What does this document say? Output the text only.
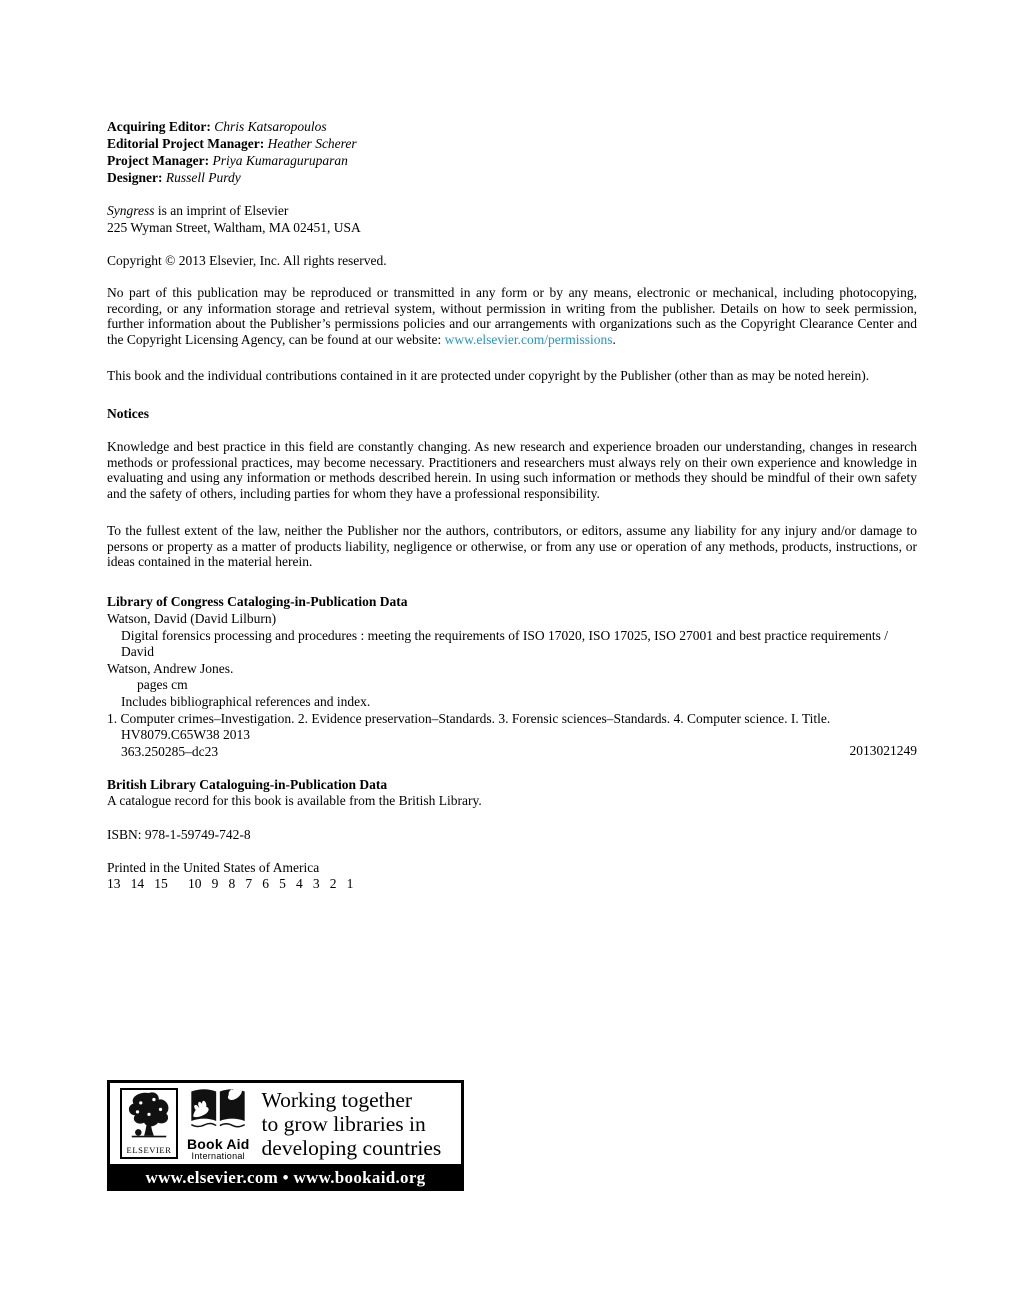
Acquiring Editor: Chris Katsaropoulos
Editorial Project Manager: Heather Scherer
Project Manager: Priya Kumaraguruparan
Designer: Russell Purdy
Syngress is an imprint of Elsevier
225 Wyman Street, Waltham, MA 02451, USA
Copyright © 2013 Elsevier, Inc. All rights reserved.
No part of this publication may be reproduced or transmitted in any form or by any means, electronic or mechanical, including photocopying, recording, or any information storage and retrieval system, without permission in writing from the publisher. Details on how to seek permission, further information about the Publisher’s permissions policies and our arrangements with organizations such as the Copyright Clearance Center and the Copyright Licensing Agency, can be found at our website: www.elsevier.com/permissions.
This book and the individual contributions contained in it are protected under copyright by the Publisher (other than as may be noted herein).
Notices
Knowledge and best practice in this field are constantly changing. As new research and experience broaden our understanding, changes in research methods or professional practices, may become necessary. Practitioners and researchers must always rely on their own experience and knowledge in evaluating and using any information or methods described herein. In using such information or methods they should be mindful of their own safety and the safety of others, including parties for whom they have a professional responsibility.
To the fullest extent of the law, neither the Publisher nor the authors, contributors, or editors, assume any liability for any injury and/or damage to persons or property as a matter of products liability, negligence or otherwise, or from any use or operation of any methods, products, instructions, or ideas contained in the material herein.
Library of Congress Cataloging-in-Publication Data
Watson, David (David Lilburn)
Digital forensics processing and procedures : meeting the requirements of ISO 17020, ISO 17025, ISO 27001 and best practice requirements / David
Watson, Andrew Jones.
pages cm
Includes bibliographical references and index.
1. Computer crimes–Investigation. 2. Evidence preservation–Standards. 3. Forensic sciences–Standards. 4. Computer science. I. Title.
HV8079.C65W38 2013
363.250285–dc23	2013021249
British Library Cataloguing-in-Publication Data
A catalogue record for this book is available from the British Library.
ISBN: 978-1-59749-742-8
Printed in the United States of America
13   14   15      10   9   8   7   6   5   4   3   2   1
ELSEVIER Book Aid
International
Working together
to grow libraries in
developing countries
www.elsevier.com • www.bookaid.org
